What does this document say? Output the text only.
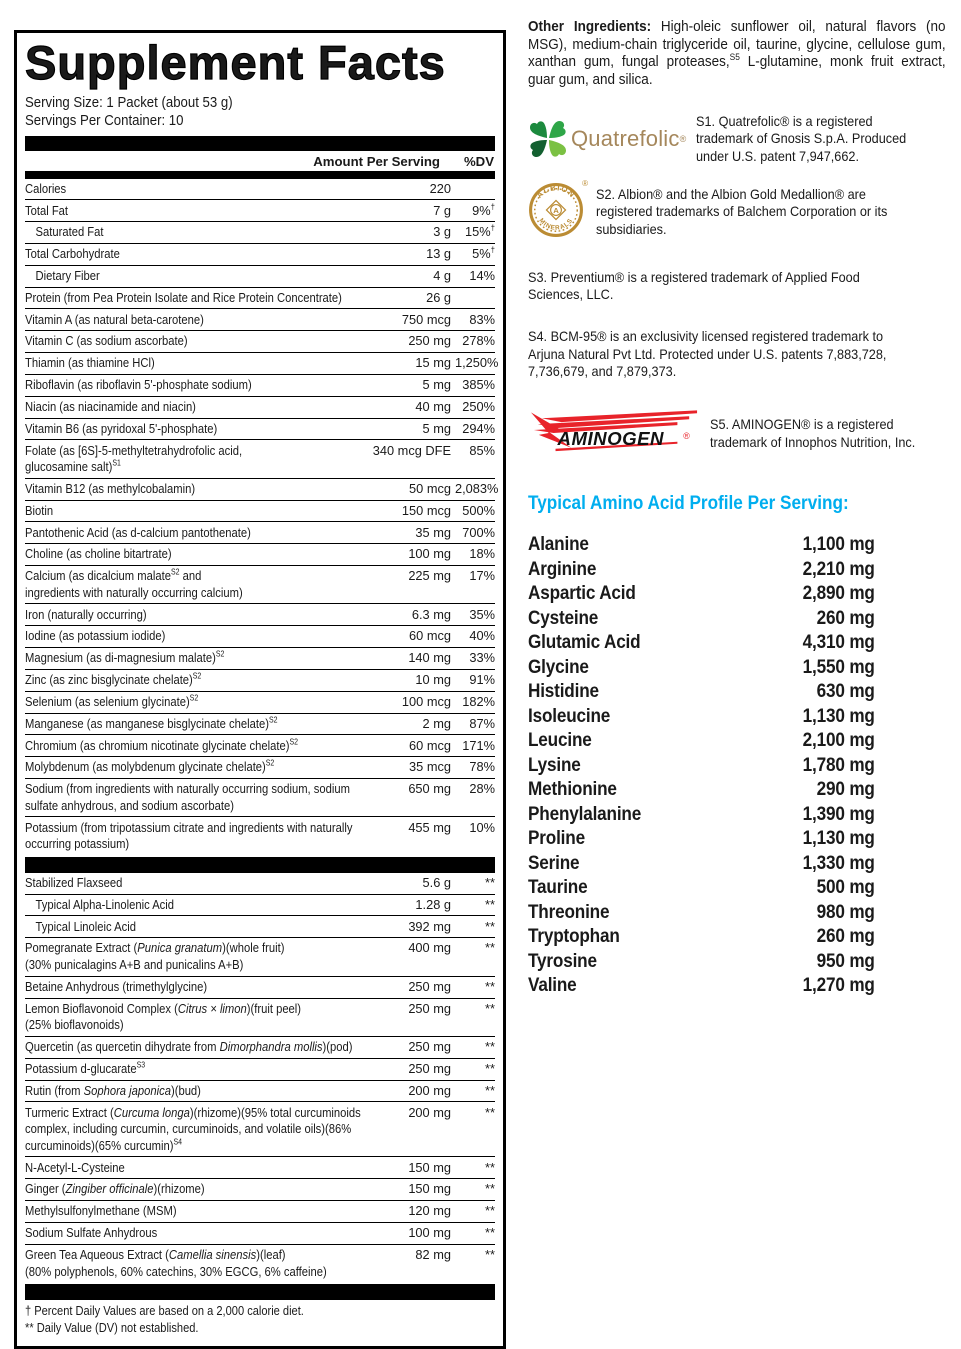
Supplement Facts
Serving Size: 1 Packet (about 53 g)
Servings Per Container: 10
Amount Per Serving	%DV
Calories	220
Total Fat	7 g	9%†
Saturated Fat	3 g	15%†
Total Carbohydrate	13 g	5%†
Dietary Fiber	4 g	14%
Protein (from Pea Protein Isolate and Rice Protein Concentrate)	26 g
Vitamin A (as natural beta-carotene)	750 mcg	83%
Vitamin C (as sodium ascorbate)	250 mg 278%
Thiamin (as thiamine HCl)	15 mg 1,250%
Riboflavin (as riboflavin 5'-phosphate sodium)	5 mg 385%
Niacin (as niacinamide and niacin)	40 mg 250%
Vitamin B6 (as pyridoxal 5'-phosphate)	5 mg 294%
Folate (as [6S]-5-methyltetrahydrofolic acid,
glucosamine salt)$^{S1}$
340 mcg DFE	85%
Vitamin B12 (as methylcobalamin)	50 mcg 2,083%
Biotin	150 mcg 500%
Pantothenic Acid (as d-calcium pantothenate)	35 mg 700%
Choline (as choline bitartrate)	100 mg	18%
Calcium (as dicalcium malate$^{S2}$ and
ingredients with naturally occurring calcium)
225 mg	17%
Iron (naturally occurring)	6.3 mg	35%
Iodine (as potassium iodide)	60 mcg	40%
Magnesium (as di-magnesium malate)$^{S2}$	140 mg	33%
Zinc (as zinc bisglycinate chelate)$^{S2}$	10 mg	91%
Selenium (as selenium glycinate)$^{S2}$	100 mcg 182%
Manganese (as manganese bisglycinate chelate)$^{S2}$	2 mg	87%
Chromium (as chromium nicotinate glycinate chelate)$^{S2}$	60 mcg 171%
Molybdenum (as molybdenum glycinate chelate)$^{S2}$	35 mcg	78%
Sodium (from ingredients with naturally occurring sodium, sodium
sulfate anhydrous, and sodium ascorbate)
650 mg	28%
Potassium (from tripotassium citrate and ingredients with naturally
occurring potassium)
455 mg	10%
Stabilized Flaxseed	5.6 g	**
Typical Alpha-Linolenic Acid	1.28 g	**
Typical Linoleic Acid	392 mg	**
Pomegranate Extract (Punica granatum)(whole fruit)
(30% punicalagins A+B and punicalins A+B)
400 mg	**
Betaine Anhydrous (trimethylglycine)	250 mg	**
Lemon Bioflavonoid Complex (Citrus × limon)(fruit peel)
(25% bioflavonoids)
250 mg	**
Quercetin (as quercetin dihydrate from Dimorphandra mollis)(pod)	250 mg	**
Potassium d-glucarate$^{S3}$	250 mg	**
Rutin (from Sophora japonica)(bud)	200 mg	**
Turmeric Extract (Curcuma longa)(rhizome)(95% total curcuminoids
complex, including curcumin, curcuminoids, and volatile oils)(86%
curcuminoids)(65% curcumin)$^{S4}$
200 mg	**
N-Acetyl-L-Cysteine	150 mg	**
Ginger (Zingiber officinale)(rhizome)	150 mg	**
Methylsulfonylmethane (MSM)	120 mg	**
Sodium Sulfate Anhydrous	100 mg	**
Green Tea Aqueous Extract (Camellia sinensis)(leaf)
(80% polyphenols, 60% catechins, 30% EGCG, 6% caffeine)
82 mg	**
† Percent Daily Values are based on a 2,000 calorie diet.
** Daily Value (DV) not established.

Other Ingredients: High-oleic sunflower oil, natural flavors (no MSG), medium-chain triglyceride oil, taurine, glycine, cellulose gum, xanthan gum, fungal proteases,$^{S5}$ L-glutamine, monk fruit extract, guar gum, and silica.

Quatrefolic ®
S1. Quatrefolic® is a registered trademark of Gnosis S.p.A. Produced under U.S. patent 7,947,662.
A
ALBION
MINERALS
®
S2. Albion® and the Albion Gold Medallion® are registered trademarks of Balchem Corporation or its subsidiaries.
S3. Preventium® is a registered trademark of Applied Food Sciences, LLC.
S4. BCM-95® is an exclusivity licensed registered trademark to Arjuna Natural Pvt Ltd. Protected under U.S. patents 7,883,728, 7,736,679, and 7,879,373.
AMINOGEN ®
S5. AMINOGEN® is a registered trademark of Innophos Nutrition, Inc.
Typical Amino Acid Profile Per Serving:
Alanine	1,100 mg
Arginine	2,210 mg
Aspartic Acid	2,890 mg
Cysteine	260 mg
Glutamic Acid	4,310 mg
Glycine	1,550 mg
Histidine	630 mg
Isoleucine	1,130 mg
Leucine	2,100 mg
Lysine	1,780 mg
Methionine	290 mg
Phenylalanine	1,390 mg
Proline	1,130 mg
Serine	1,330 mg
Taurine	500 mg
Threonine	980 mg
Tryptophan	260 mg
Tyrosine	950 mg
Valine	1,270 mg
